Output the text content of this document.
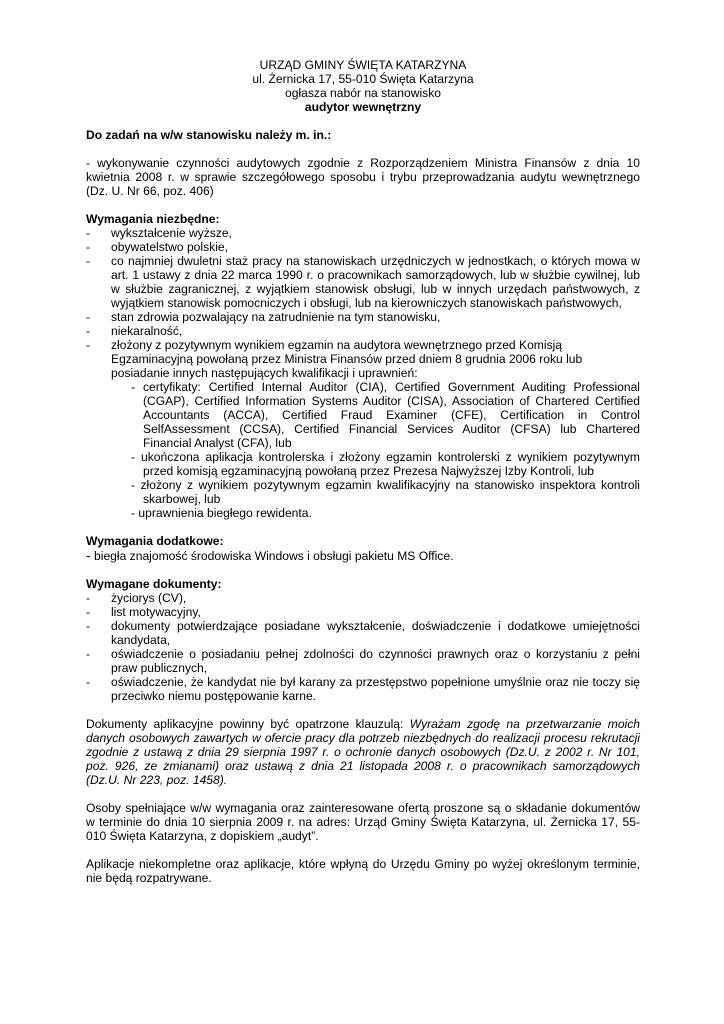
URZĄD GMINY ŚWIĘTA KATARZYNA
ul. Żernicka 17, 55-010 Święta Katarzyna
ogłasza nabór na stanowisko
audytor wewnętrzny
Do zadań na w/w stanowisku należy m. in.:
- wykonywanie czynności audytowych zgodnie z Rozporządzeniem Ministra Finansów z dnia 10
kwietnia 2008 r. w sprawie szczegółowego sposobu i trybu przeprowadzania audytu wewnętrznego
(Dz. U. Nr 66, poz. 406)
Wymagania niezbędne:
-	wykształcenie wyższe,
-	obywatelstwo polskie,
-	co najmniej dwuletni staż pracy na stanowiskach urzędniczych w jednostkach, o których mowa w art. 1 ustawy z dnia 22 marca 1990 r. o pracownikach samorządowych, lub w służbie cywilnej, lub w służbie zagranicznej, z wyjątkiem stanowisk obsługi, lub w innych urzędach państwowych, z wyjątkiem stanowisk pomocniczych i obsługi, lub na kierowniczych stanowiskach państwowych,
-	stan zdrowia pozwalający na zatrudnienie na tym stanowisku,
-	niekaralność,
-	złożony z pozytywnym wynikiem egzamin na audytora wewnętrznego przed Komisją
Egzaminacyjną powołaną przez Ministra Finansów przed dniem 8 grudnia 2006 roku lub
posiadanie innych następujących kwalifikacji i uprawnień:
- certyfikaty: Certified Internal Auditor (CIA), Certified Government Auditing Professional (CGAP), Certified Information Systems Auditor (CISA), Association of Chartered Certified Accountants (ACCA), Certified Fraud Examiner (CFE), Certification in Control SelfAssessment (CCSA), Certified Financial Services Auditor (CFSA) lub Chartered Financial Analyst (CFA), lub
- ukończona aplikacja kontrolerska i złożony egzamin kontrolerski z wynikiem pozytywnym przed komisją egzaminacyjną powołaną przez Prezesa Najwyższej Izby Kontroli, lub
- złożony z wynikiem pozytywnym egzamin kwalifikacyjny na stanowisko inspektora kontroli skarbowej, lub
- uprawnienia biegłego rewidenta.
Wymagania dodatkowe:
- biegła znajomość środowiska Windows i obsługi pakietu MS Office.
Wymagane dokumenty:
-	życiorys (CV),
-	list motywacyjny,
-	dokumenty potwierdzające posiadane wykształcenie, doświadczenie i dodatkowe umiejętności kandydata,
-	oświadczenie o posiadaniu pełnej zdolności do czynności prawnych oraz o korzystaniu z pełni praw publicznych,
-	oświadczenie, że kandydat nie był karany za przestępstwo popełnione umyślnie oraz nie toczy się przeciwko niemu postępowanie karne.
Dokumenty aplikacyjne powinny być opatrzone klauzulą: Wyrażam zgodę na przetwarzanie moich danych osobowych zawartych w ofercie pracy dla potrzeb niezbędnych do realizacji procesu rekrutacji zgodnie z ustawą z dnia 29 sierpnia 1997 r. o ochronie danych osobowych (Dz.U. z 2002 r. Nr 101, poz. 926, ze zmianami) oraz ustawą z dnia 21 listopada 2008 r. o pracownikach samorządowych (Dz.U. Nr 223, poz. 1458).
Osoby spełniające w/w wymagania oraz zainteresowane ofertą proszone są o składanie dokumentów w terminie do dnia 10 sierpnia 2009 r. na adres: Urząd Gminy Święta Katarzyna, ul. Żernicka 17, 55-010 Święta Katarzyna, z dopiskiem „audyt”.
Aplikacje niekompletne oraz aplikacje, które wpłyną do Urzędu Gminy po wyżej określonym terminie, nie będą rozpatrywane.
